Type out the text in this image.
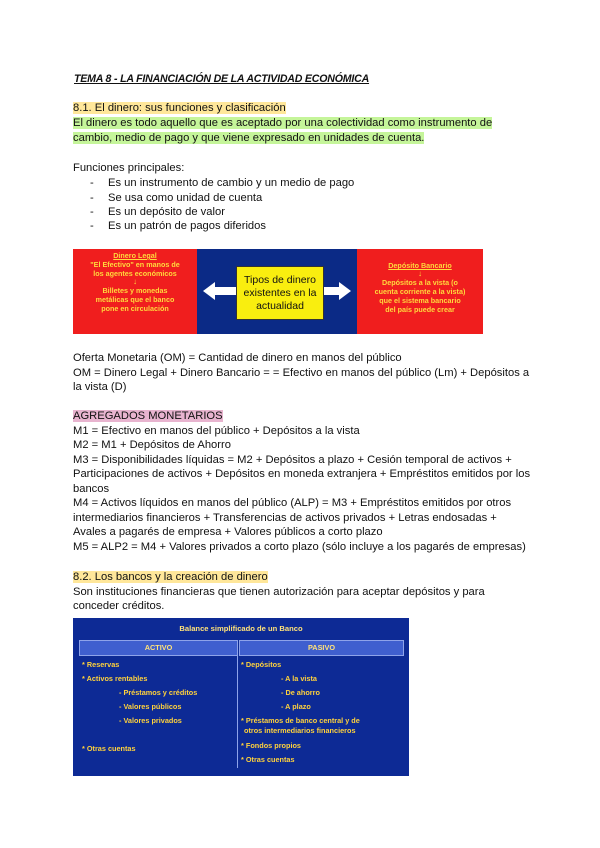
TEMA 8 - LA FINANCIACIÓN DE LA ACTIVIDAD ECONÓMICA
8.1. El dinero: sus funciones y clasificación
El dinero es todo aquello que es aceptado por una colectividad como instrumento de
cambio, medio de pago y que viene expresado en unidades de cuenta.
Funciones principales:
- Es un instrumento de cambio y un medio de pago
- Se usa como unidad de cuenta
- Es un depósito de valor
- Es un patrón de pagos diferidos
Dinero Legal
"El Efectivo" en manos de
los agentes económicos
↓
Billetes y monedas
metálicas que el banco
pone en circulación
Tipos de dinero
existentes en la
actualidad
Depósito Bancario
↓
Depósitos a la vista (o
cuenta corriente a la vista)
que el sistema bancario
del país puede crear
Oferta Monetaria (OM) = Cantidad de dinero en manos del público
OM = Dinero Legal + Dinero Bancario = = Efectivo en manos del público (Lm) + Depósitos a
la vista (D)
AGREGADOS MONETARIOS
M1 = Efectivo en manos del público + Depósitos a la vista
M2 = M1 + Depósitos de Ahorro
M3 = Disponibilidades líquidas = M2 + Depósitos a plazo + Cesión temporal de activos +
Participaciones de activos + Depósitos en moneda extranjera + Empréstitos emitidos por los
bancos
M4 = Activos líquidos en manos del público (ALP) = M3 + Empréstitos emitidos por otros
intermediarios financieros + Transferencias de activos privados + Letras endosadas +
Avales a pagarés de empresa + Valores públicos a corto plazo
M5 = ALP2 = M4 + Valores privados a corto plazo (sólo incluye a los pagarés de empresas)
8.2. Los bancos y la creación de dinero
Son instituciones financieras que tienen autorización para aceptar depósitos y para
conceder créditos.
Balance simplificado de un Banco
ACTIVO	PASIVO
* Reservas
* Activos rentables
- Préstamos y créditos
- Valores públicos
- Valores privados
* Otras cuentas
* Depósitos
- A la vista
- De ahorro
- A plazo
* Préstamos de banco central y de
otros intermediarios financieros
* Fondos propios
* Otras cuentas
